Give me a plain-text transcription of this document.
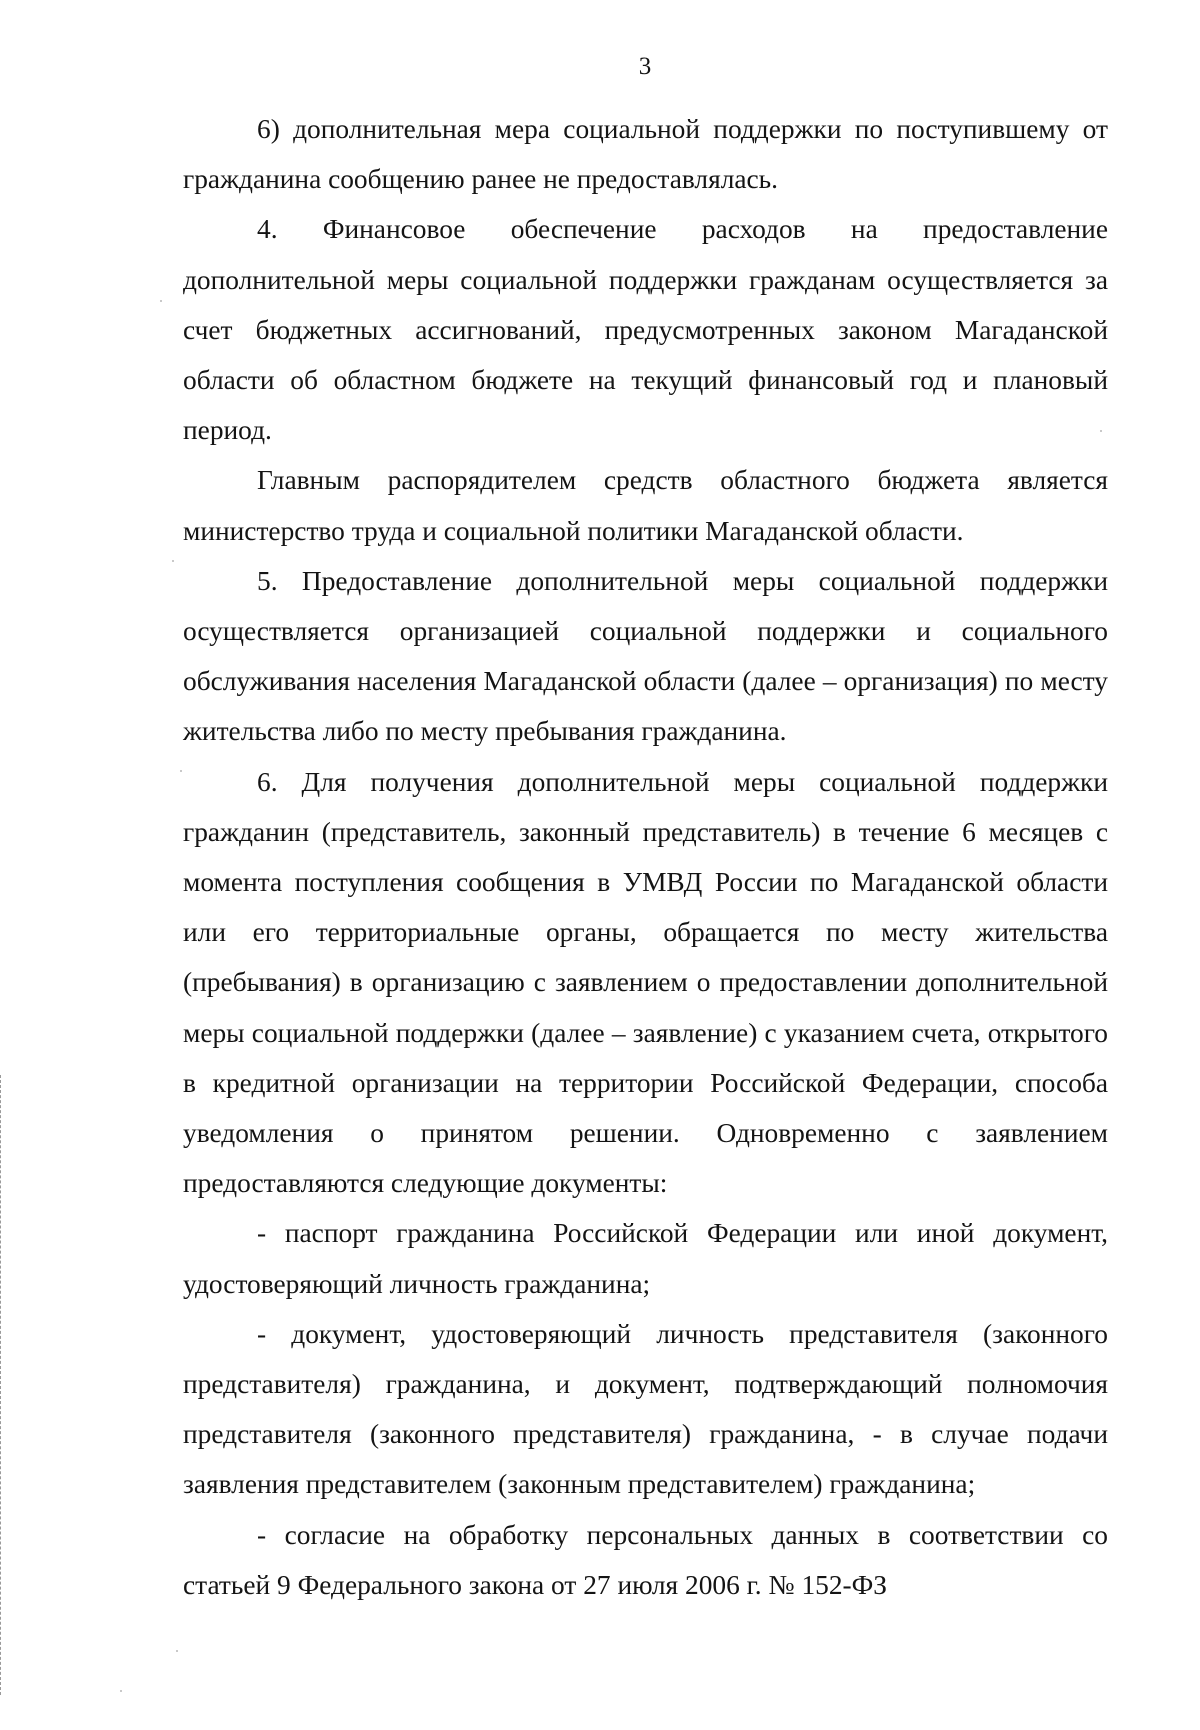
3

6) дополнительная мера социальной поддержки по поступившему от гражданина сообщению ранее не предоставлялась.

4. Финансовое обеспечение расходов на предоставление дополнительной меры социальной поддержки гражданам осуществляется за счет бюджетных ассигнований, предусмотренных законом Магаданской области об областном бюджете на текущий финансовый год и плановый период.

Главным распорядителем средств областного бюджета является министерство труда и социальной политики Магаданской области.

5. Предоставление дополнительной меры социальной поддержки осуществляется организацией социальной поддержки и социального обслуживания населения Магаданской области (далее – организация) по месту жительства либо по месту пребывания гражданина.

6. Для получения дополнительной меры социальной поддержки гражданин (представитель, законный представитель) в течение 6 месяцев с момента поступления сообщения в УМВД России по Магаданской области или его территориальные органы, обращается по месту жительства (пребывания) в организацию с заявлением о предоставлении дополнительной меры социальной поддержки (далее – заявление) с указанием счета, открытого в кредитной организации на территории Российской Федерации, способа уведомления о принятом решении. Одновременно с заявлением предоставляются следующие документы:

- паспорт гражданина Российской Федерации или иной документ, удостоверяющий личность гражданина;

- документ, удостоверяющий личность представителя (законного представителя) гражданина, и документ, подтверждающий полномочия представителя (законного представителя) гражданина, - в случае подачи заявления представителем (законным представителем) гражданина;

- согласие на обработку персональных данных в соответствии со статьей 9 Федерального закона от 27 июля 2006 г. № 152-ФЗ
